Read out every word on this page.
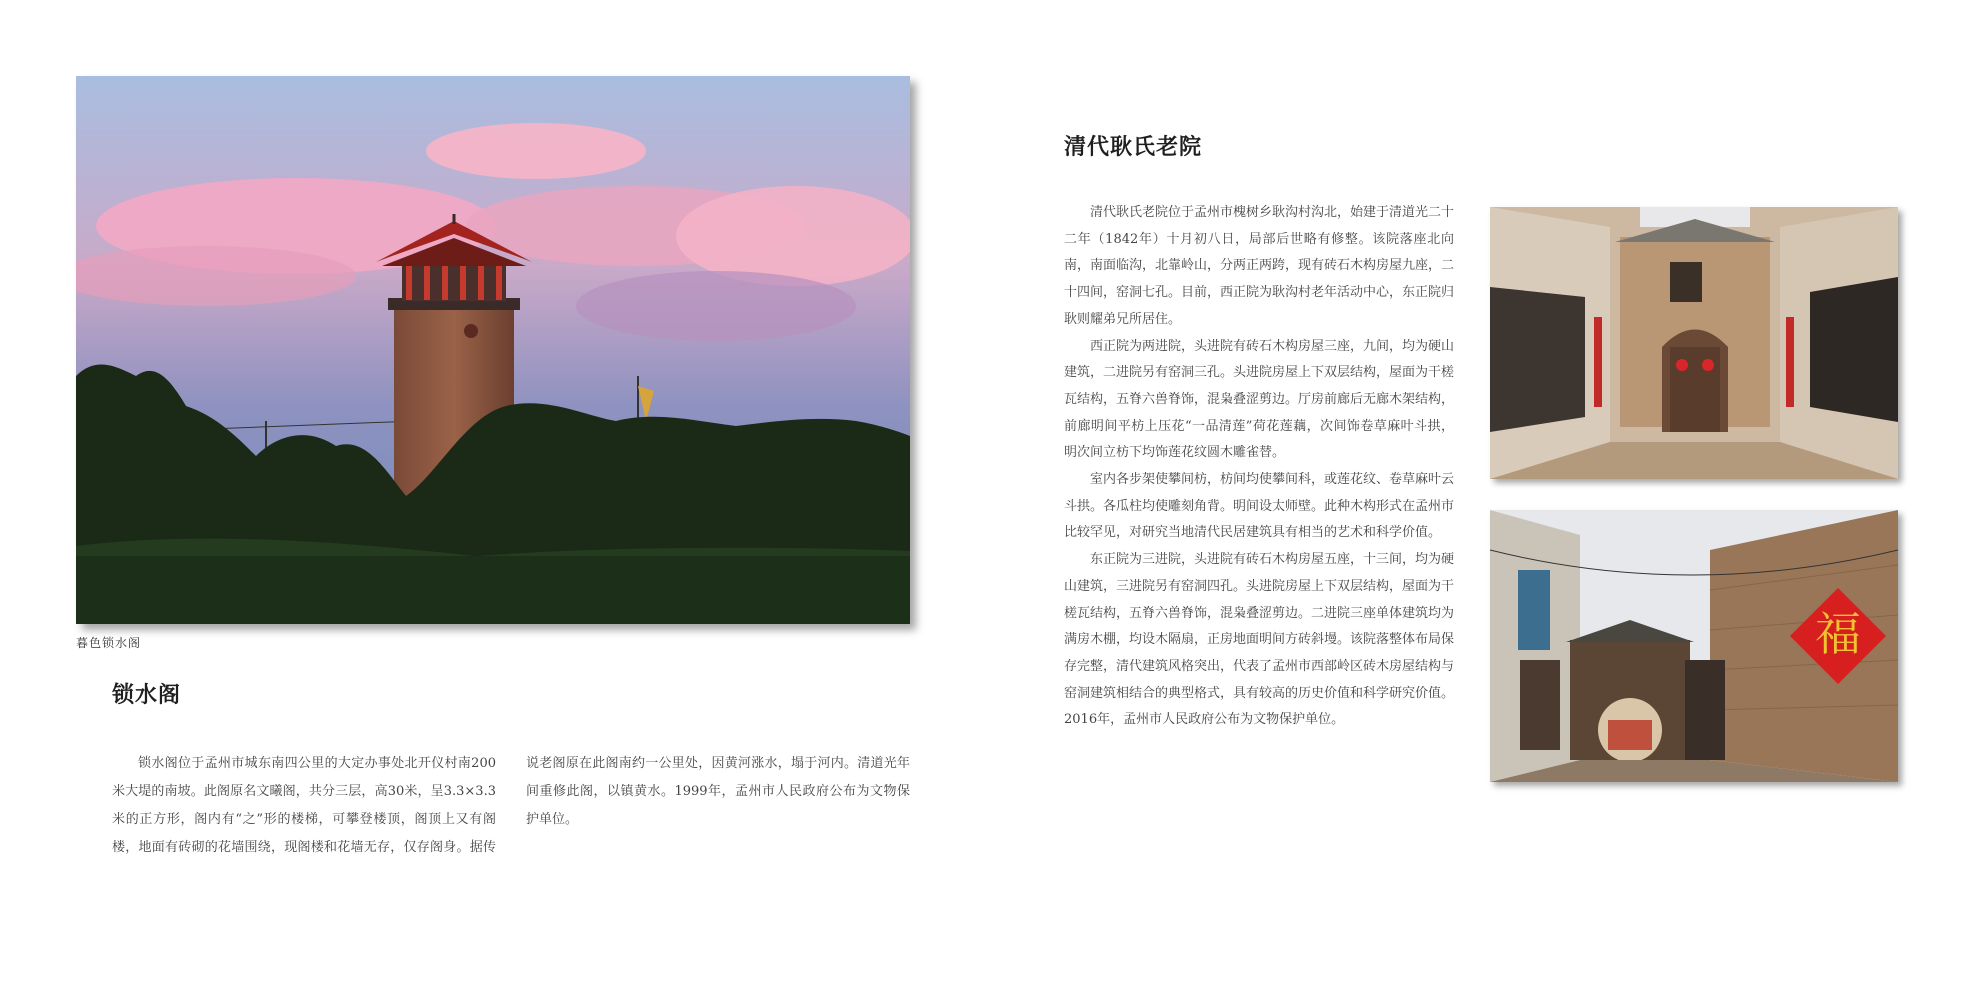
暮色锁水阁
锁水阁

锁水阁位于孟州市城东南四公里的大定办事处北开仪村南200米大堤的南坡。此阁原名文曦阁，共分三层，高30米，呈3.3×3.3米的正方形，阁内有“之”形的楼梯，可攀登楼顶，阁顶上又有阁楼，地面有砖砌的花墙围绕，现阁楼和花墙无存，仅存阁身。据传说老阁原在此阁南约一公里处，因黄河涨水，塌于河内。清道光年间重修此阁，以镇黄水。1999年，孟州市人民政府公布为文物保护单位。

清代耿氏老院

清代耿氏老院位于孟州市槐树乡耿沟村沟北，始建于清道光二十二年（1842年）十月初八日，局部后世略有修整。该院落座北向南，南面临沟，北靠岭山，分两正两跨，现有砖石木构房屋九座，二十四间，窑洞七孔。目前，西正院为耿沟村老年活动中心，东正院归耿则耀弟兄所居住。

西正院为两进院，头进院有砖石木构房屋三座，九间，均为硬山建筑，二进院另有窑洞三孔。头进院房屋上下双层结构，屋面为干槎瓦结构，五脊六兽脊饰，混枭叠涩剪边。厅房前廊后无廊木架结构，前廊明间平枋上压花“一品清莲”荷花莲藕，次间饰卷草麻叶斗拱，明次间立枋下均饰莲花纹圆木雕雀替。

室内各步架使攀间枋，枋间均使攀间科，或莲花纹、卷草麻叶云斗拱。各瓜柱均使雕刻角背。明间设太师壁。此种木构形式在孟州市比较罕见，对研究当地清代民居建筑具有相当的艺术和科学价值。

东正院为三进院，头进院有砖石木构房屋五座，十三间，均为硬山建筑，三进院另有窑洞四孔。头进院房屋上下双层结构，屋面为干槎瓦结构，五脊六兽脊饰，混枭叠涩剪边。二进院三座单体建筑均为满房木棚，均设木隔扇，正房地面明间方砖斜墁。该院落整体布局保存完整，清代建筑风格突出，代表了孟州市西部岭区砖木房屋结构与窑洞建筑相结合的典型格式，具有较高的历史价值和科学研究价值。2016年，孟州市人民政府公布为文物保护单位。

福
